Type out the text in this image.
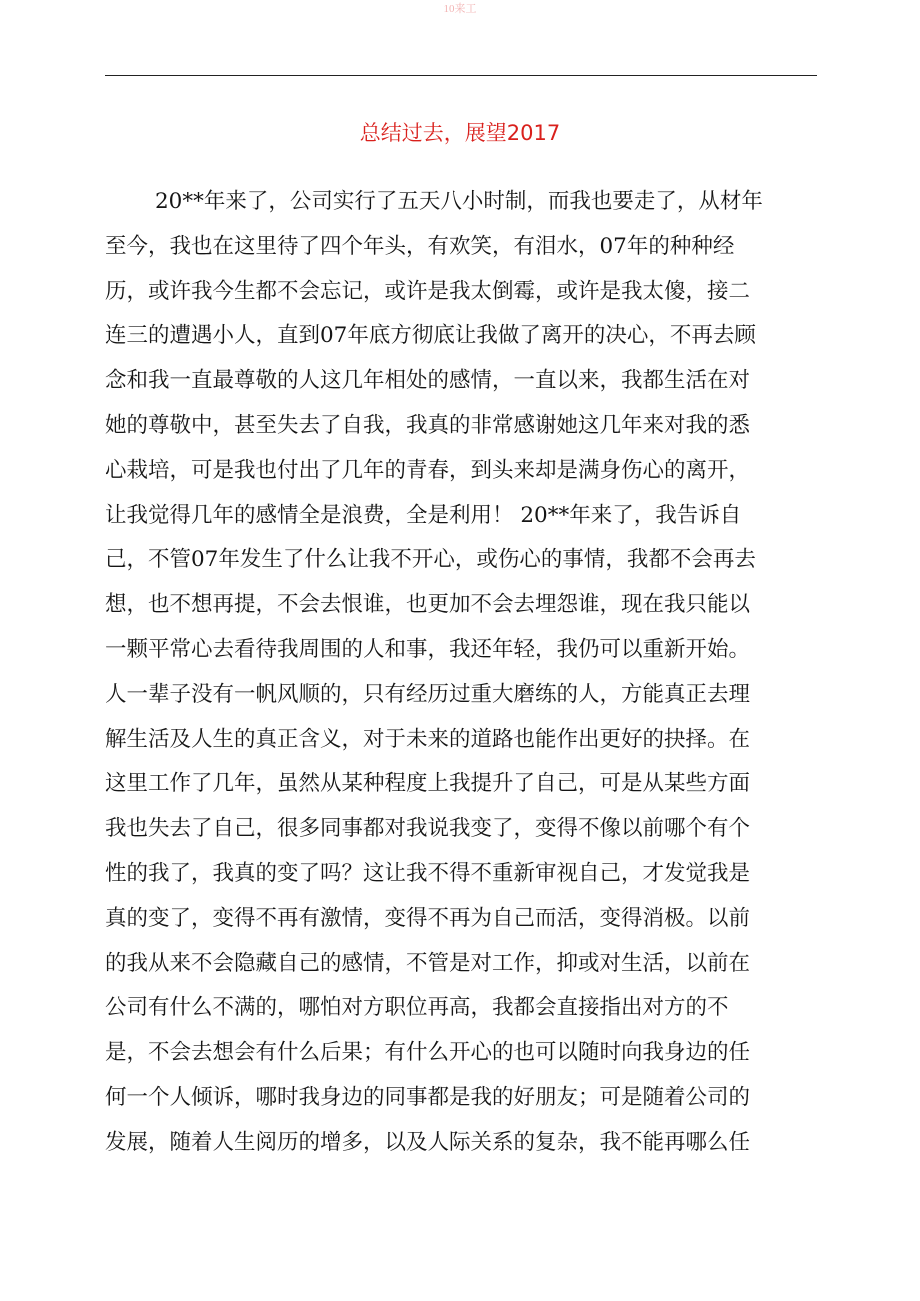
10来工
总结过去，展望2017
20**年来了，公司实行了五天八小时制，而我也要走了，从材年
至今，我也在这里待了四个年头，有欢笑，有泪水，07年的种种经
历，或许我今生都不会忘记，或许是我太倒霉，或许是我太傻，接二
连三的遭遇小人，直到07年底方彻底让我做了离开的决心，不再去顾
念和我一直最尊敬的人这几年相处的感情，一直以来，我都生活在对
她的尊敬中，甚至失去了自我，我真的非常感谢她这几年来对我的悉
心栽培，可是我也付出了几年的青春，到头来却是满身伤心的离开，
让我觉得几年的感情全是浪费，全是利用！ 20**年来了，我告诉自
己，不管07年发生了什么让我不开心，或伤心的事情，我都不会再去
想，也不想再提，不会去恨谁，也更加不会去埋怨谁，现在我只能以
一颗平常心去看待我周围的人和事，我还年轻，我仍可以重新开始。
人一辈子没有一帆风顺的，只有经历过重大磨练的人，方能真正去理
解生活及人生的真正含义，对于未来的道路也能作出更好的抉择。在
这里工作了几年，虽然从某种程度上我提升了自己，可是从某些方面
我也失去了自己，很多同事都对我说我变了，变得不像以前哪个有个
性的我了，我真的变了吗？这让我不得不重新审视自己，才发觉我是
真的变了，变得不再有激情，变得不再为自己而活，变得消极。以前
的我从来不会隐藏自己的感情，不管是对工作，抑或对生活，以前在
公司有什么不满的，哪怕对方职位再高，我都会直接指出对方的不
是，不会去想会有什么后果；有什么开心的也可以随时向我身边的任
何一个人倾诉，哪时我身边的同事都是我的好朋友；可是随着公司的
发展，随着人生阅历的增多，以及人际关系的复杂，我不能再哪么任
